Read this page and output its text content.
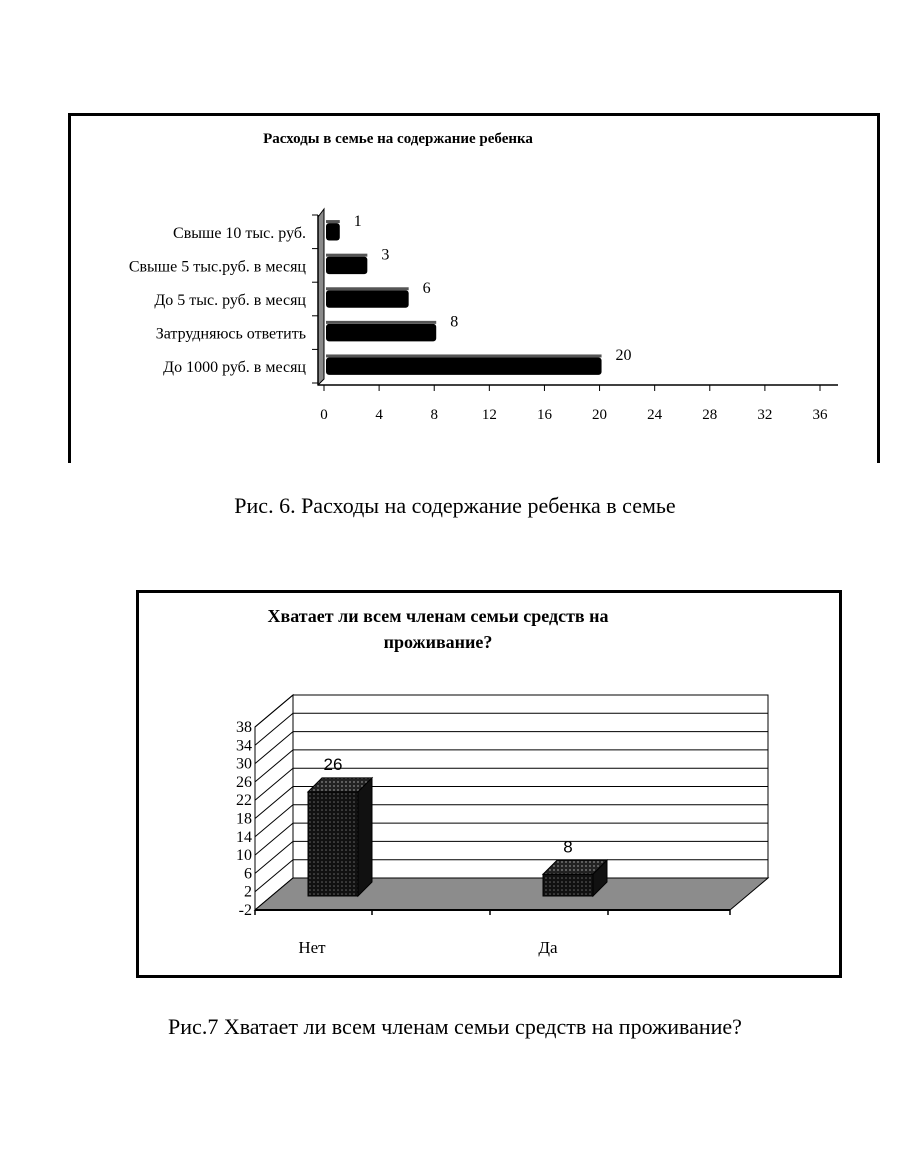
Расходы в семье на содержание ребенка
0	4	8	12	16	20	24	28	32	36
Свыше 10 тыс. руб.
1
Свыше 5 тыс.руб. в месяц
3
До 5 тыс. руб. в месяц
6
Затрудняюсь ответить
8
До 1000 руб. в месяц
20
Хватает ли всем членам семьи средств на
проживание?
38
34
30
26
22
18
14
10
6
2
-2
26
Нет
8
Да
Рис. 6. Расходы на содержание ребенка в семье
Рис.7 Хватает ли всем членам семьи средств на проживание?
